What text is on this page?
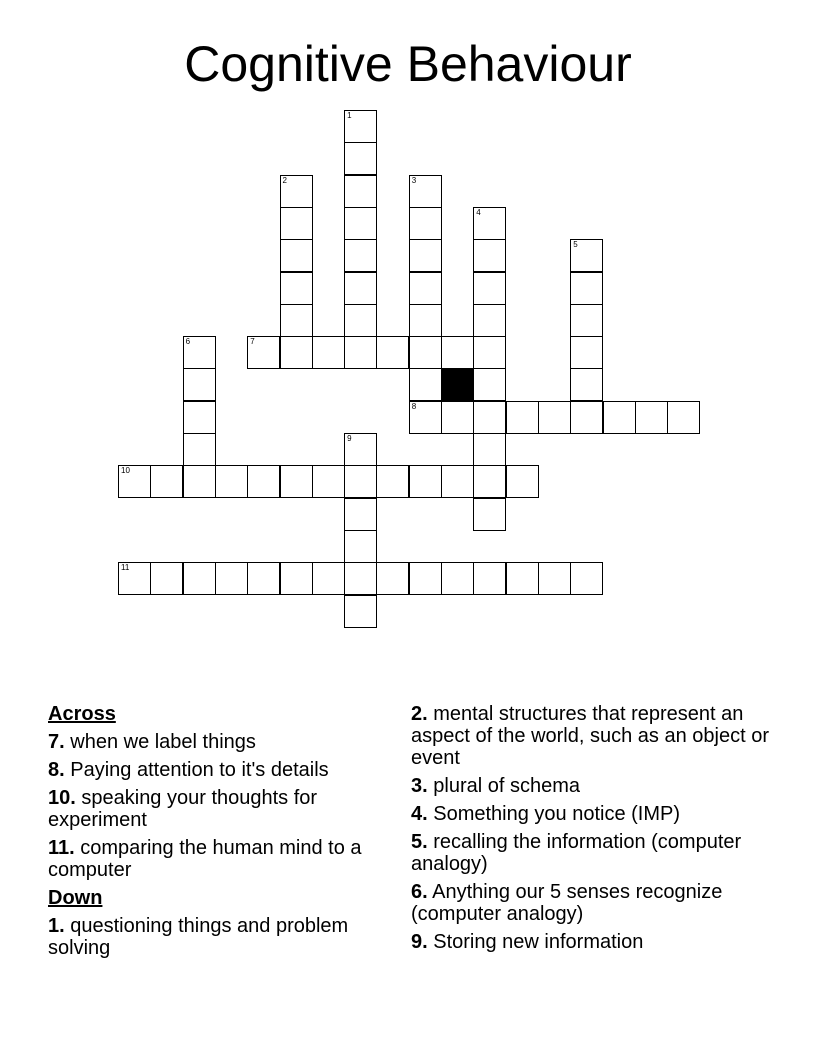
Cognitive Behaviour
1
2	3
8
4
5
6	7
9
10
11
Across
7. when we label things
8. Paying attention to it's details
10. speaking your thoughts for experiment
11. comparing the human mind to a computer
Down
1. questioning things and problem solving
2. mental structures that represent an aspect of the world, such as an object or event
3. plural of schema
4. Something you notice (IMP)
5. recalling the information (computer analogy)
6. Anything our 5 senses recognize (computer analogy)
9. Storing new information
